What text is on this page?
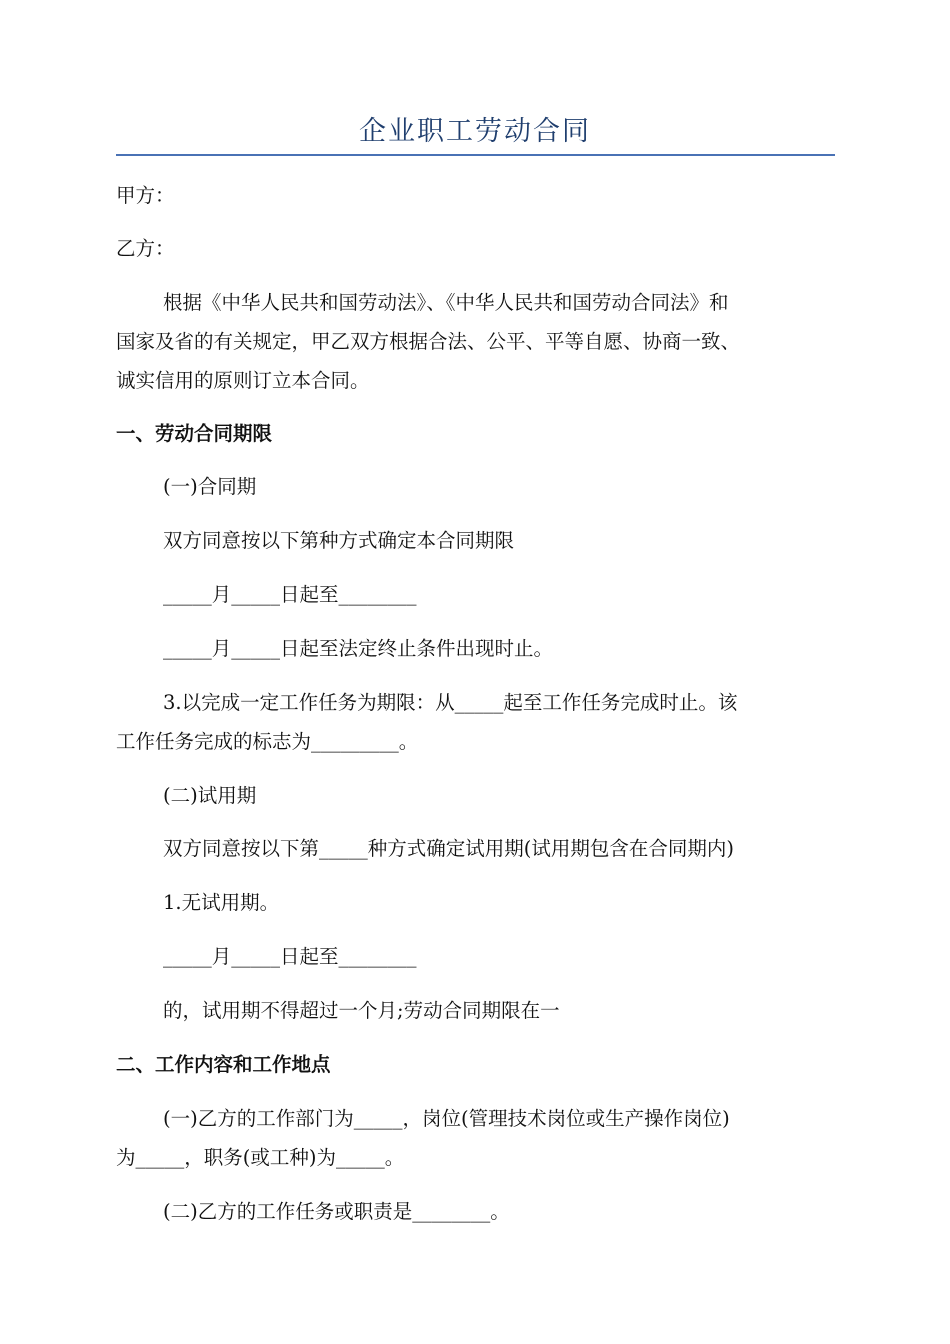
企业职工劳动合同
甲方：
乙方：
根据《中华人民共和国劳动法》、《中华人民共和国劳动合同法》和
国家及省的有关规定，甲乙双方根据合法、公平、平等自愿、协商一致、
诚实信用的原则订立本合同。
一、劳动合同期限
(一)合同期
双方同意按以下第种方式确定本合同期限
_____月_____日起至________
_____月_____日起至法定终止条件出现时止。
3.以完成一定工作任务为期限：从_____起至工作任务完成时止。该
工作任务完成的标志为_________。
(二)试用期
双方同意按以下第_____种方式确定试用期(试用期包含在合同期内)
1.无试用期。
_____月_____日起至________
的，试用期不得超过一个月;劳动合同期限在一
二、工作内容和工作地点
(一)乙方的工作部门为_____，岗位(管理技术岗位或生产操作岗位)
为_____，职务(或工种)为_____。
(二)乙方的工作任务或职责是________。
